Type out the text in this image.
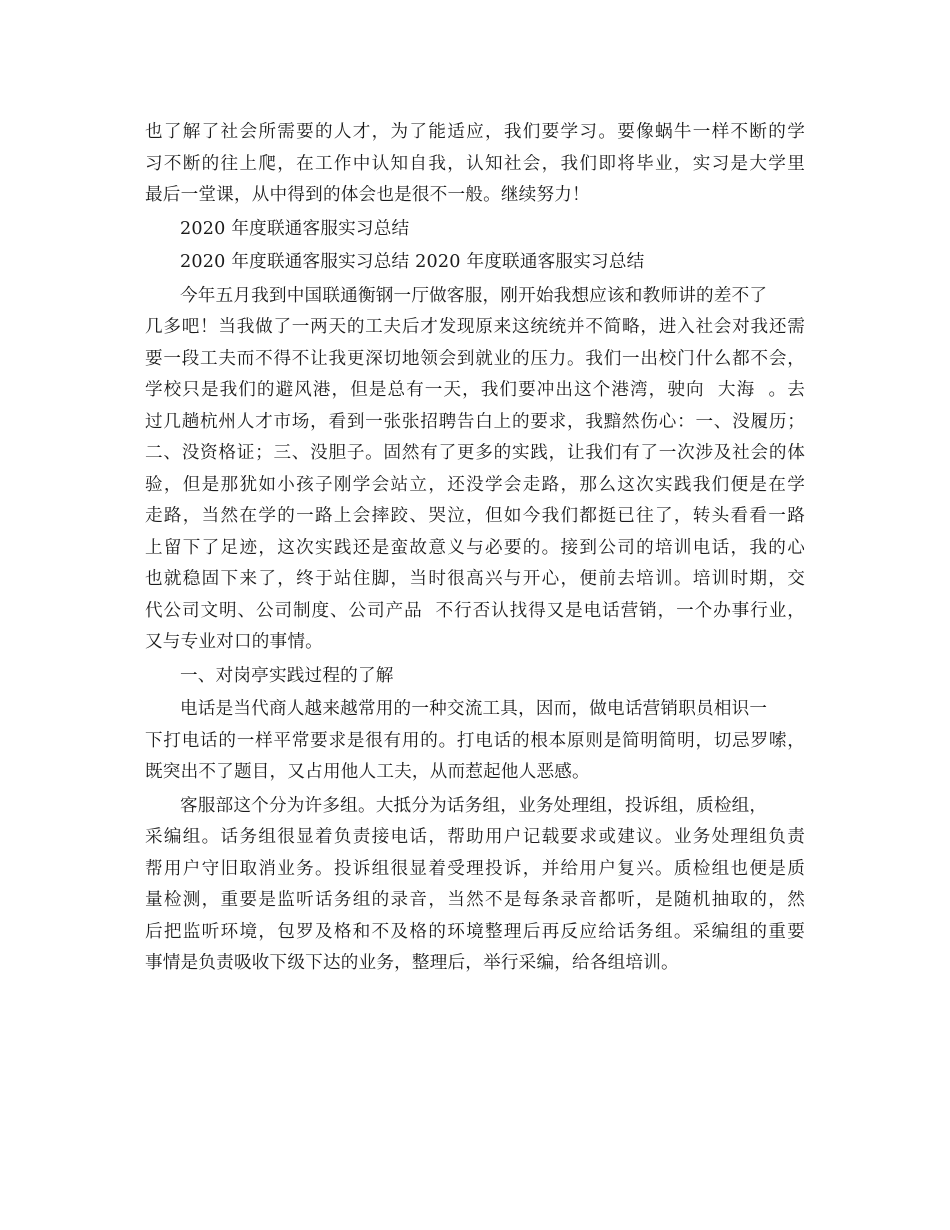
也了解了社会所需要的人才，为了能适应，我们要学习。要像蜗牛一样不断的学
习不断的往上爬，在工作中认知自我，认知社会，我们即将毕业，实习是大学里
最后一堂课，从中得到的体会也是很不一般。继续努力！
2020 年度联通客服实习总结
2020 年度联通客服实习总结 2020 年度联通客服实习总结
今年五月我到中国联通衡钢一厅做客服，刚开始我想应该和教师讲的差不了
几多吧！当我做了一两天的工夫后才发现原来这统统并不简略，进入社会对我还需
要一段工夫而不得不让我更深切地领会到就业的压力。我们一出校门什么都不会，
学校只是我们的避风港，但是总有一天，我们要冲出这个港湾，驶向  大海  。去
过几趟杭州人才市场，看到一张张招聘告白上的要求，我黯然伤心：一、没履历；
二、没资格证；三、没胆子。固然有了更多的实践，让我们有了一次涉及社会的体
验，但是那犹如小孩子刚学会站立，还没学会走路，那么这次实践我们便是在学
走路，当然在学的一路上会摔跤、哭泣，但如今我们都挺已往了，转头看看一路
上留下了足迹，这次实践还是蛮故意义与必要的。接到公司的培训电话，我的心
也就稳固下来了，终于站住脚，当时很高兴与开心，便前去培训。培训时期，交
代公司文明、公司制度、公司产品  不行否认找得又是电话营销，一个办事行业，
又与专业对口的事情。
一、对岗亭实践过程的了解
电话是当代商人越来越常用的一种交流工具，因而，做电话营销职员相识一
下打电话的一样平常要求是很有用的。打电话的根本原则是简明简明，切忌罗嗦，
既突出不了题目，又占用他人工夫，从而惹起他人恶感。
客服部这个分为许多组。大抵分为话务组，业务处理组，投诉组，质检组，
采编组。话务组很显着负责接电话，帮助用户记载要求或建议。业务处理组负责
帮用户守旧取消业务。投诉组很显着受理投诉，并给用户复兴。质检组也便是质
量检测，重要是监听话务组的录音，当然不是每条录音都听，是随机抽取的，然
后把监听环境，包罗及格和不及格的环境整理后再反应给话务组。采编组的重要
事情是负责吸收下级下达的业务，整理后，举行采编，给各组培训。
